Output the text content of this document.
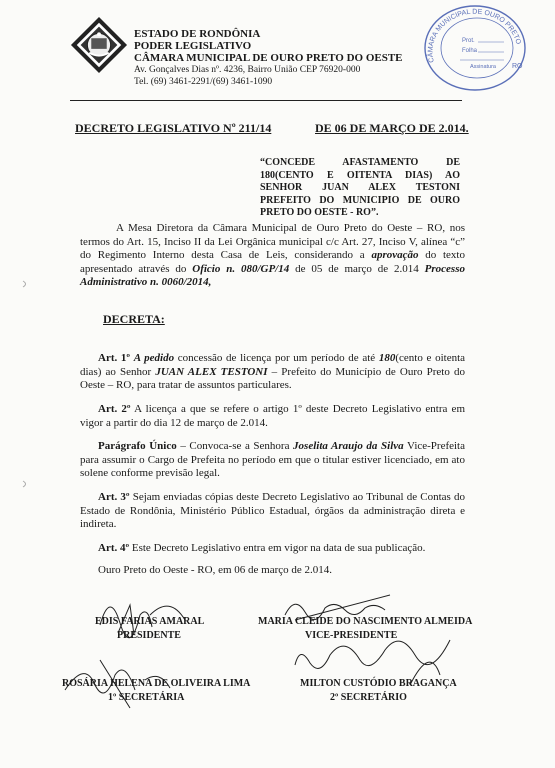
ESTADO DE RONDÔNIA
PODER LEGISLATIVO
CÂMARA MUNICIPAL DE OURO PRETO DO OESTE
Av. Gonçalves Dias nº. 4236, Bairro União CEP 76920-000
Tel. (69) 3461-2291/(69) 3461-1090
CÂMARA MUNICIPAL DE OURO PRETO
RO
Prot.
Folha
Assinatura
DECRETO LEGISLATIVO Nº 211/14	DE 06 DE MARÇO DE 2.014.
“CONCEDE AFASTAMENTO DE 180(CENTO E OITENTA DIAS) AO SENHOR JUAN ALEX TESTONI PREFEITO DO MUNICIPIO DE OURO PRETO DO OESTE - RO”.
A Mesa Diretora da Câmara Municipal de Ouro Preto do Oeste – RO, nos termos do Art. 15, Inciso II da Lei Orgânica municipal c/c Art. 27, Inciso V, alínea “c” do Regimento Interno desta Casa de Leis, considerando a aprovação do texto apresentado através do Oficio n. 080/GP/14 de 05 de março de 2.014 Processo Administrativo n. 0060/2014,
DECRETA:
Art. 1º A pedido concessão de licença por um período de até 180(cento e oitenta dias) ao Senhor JUAN ALEX TESTONI – Prefeito do Município de Ouro Preto do Oeste – RO, para tratar de assuntos particulares.
Art. 2º A licença a que se refere o artigo 1º deste Decreto Legislativo entra em vigor a partir do dia 12 de março de 2.014.
Parágrafo Único – Convoca-se a Senhora Joselita Araujo da Silva Vice-Prefeita para assumir o Cargo de Prefeita no período em que o titular estiver licenciado, em ato solene conforme previsão legal.
Art. 3º Sejam enviadas cópias deste Decreto Legislativo ao Tribunal de Contas do Estado de Rondônia, Ministério Público Estadual, órgãos da administração direta e indireta.
Art. 4º Este Decreto Legislativo entra em vigor na data de sua publicação.
Ouro Preto do Oeste - RO, em 06 de março de 2.014.
EDIS FARIAS AMARAL
PRESIDENTE
MARIA CLEIDE DO NASCIMENTO ALMEIDA
VICE-PRESIDENTE
ROSÁRIA HELENA DE OLIVEIRA LIMA
1º SECRETÁRIA
MILTON CUSTÓDIO BRAGANÇA
2º SECRETÁRIO
